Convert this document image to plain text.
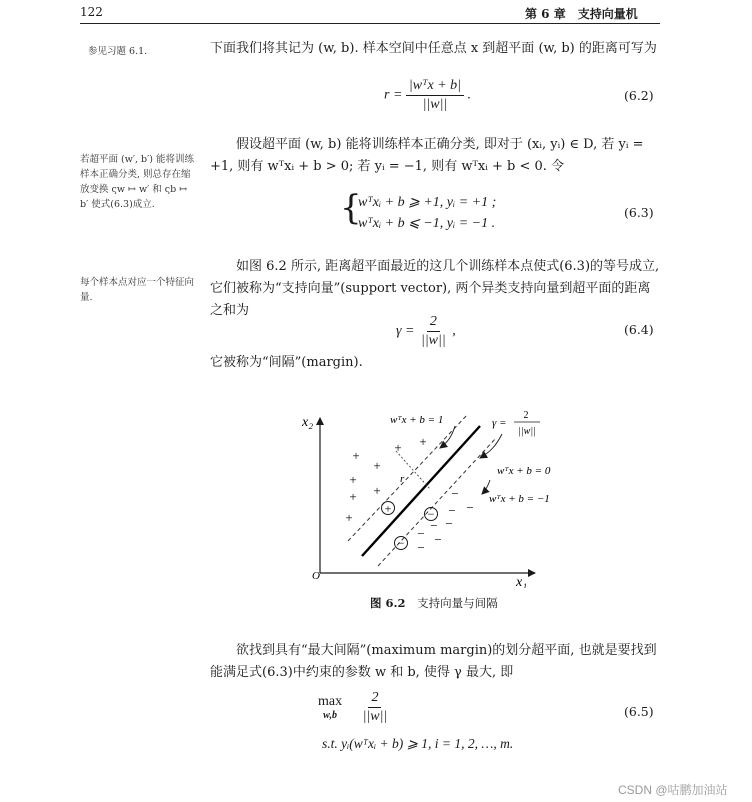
122	第 6 章　支持向量机
参见习题 6.1.
若超平面 (w′, b′) 能将训练样本正确分类, 则总存在缩放变换 ςw ↦ w′ 和 ςb ↦ b′ 使式(6.3)成立.
每个样本点对应一个特征向量.
下面我们将其记为 (w, b). 样本空间中任意点 x 到超平面 (w, b) 的距离可写为
$r = \frac{\text{|wᵀx + b|}}{||w||}$ .	(6.2)
假设超平面 (w, b) 能将训练样本正确分类, 即对于 (xᵢ, yᵢ) ∈ D, 若 yᵢ = +1, 则有 wᵀxᵢ + b > 0; 若 yᵢ = −1, 则有 wᵀxᵢ + b < 0. 令
{
wᵀxᵢ + b ⩾ +1, yᵢ = +1 ;
wᵀxᵢ + b ⩽ −1, yᵢ = −1 .
(6.3)
如图 6.2 所示, 距离超平面最近的这几个训练样本点使式(6.3)的等号成立, 它们被称为“支持向量”(support vector), 两个异类支持向量到超平面的距离之和为
$\gamma = \frac{2}{||w||}$ ,	(6.4)
它被称为“间隔”(margin).
x₂
x₁
O
r
+ +
+
+
+
+
+
+
+	−
−
−
− −
− −
− −
−
wᵀx + b = 1	γ =
2
||w||
wᵀx + b = 0
wᵀx + b = −1
图 6.2 支持向量与间隔
欲找到具有“最大间隔”(maximum margin)的划分超平面, 也就是要找到能满足式(6.3)中约束的参数 w 和 b, 使得 γ 最大, 即
max
w,b
$\frac{2}{||w||}$	(6.5)
s.t. yᵢ(wᵀxᵢ + b) ⩾ 1, i = 1, 2, …, m.
CSDN @咕鹏加油站
